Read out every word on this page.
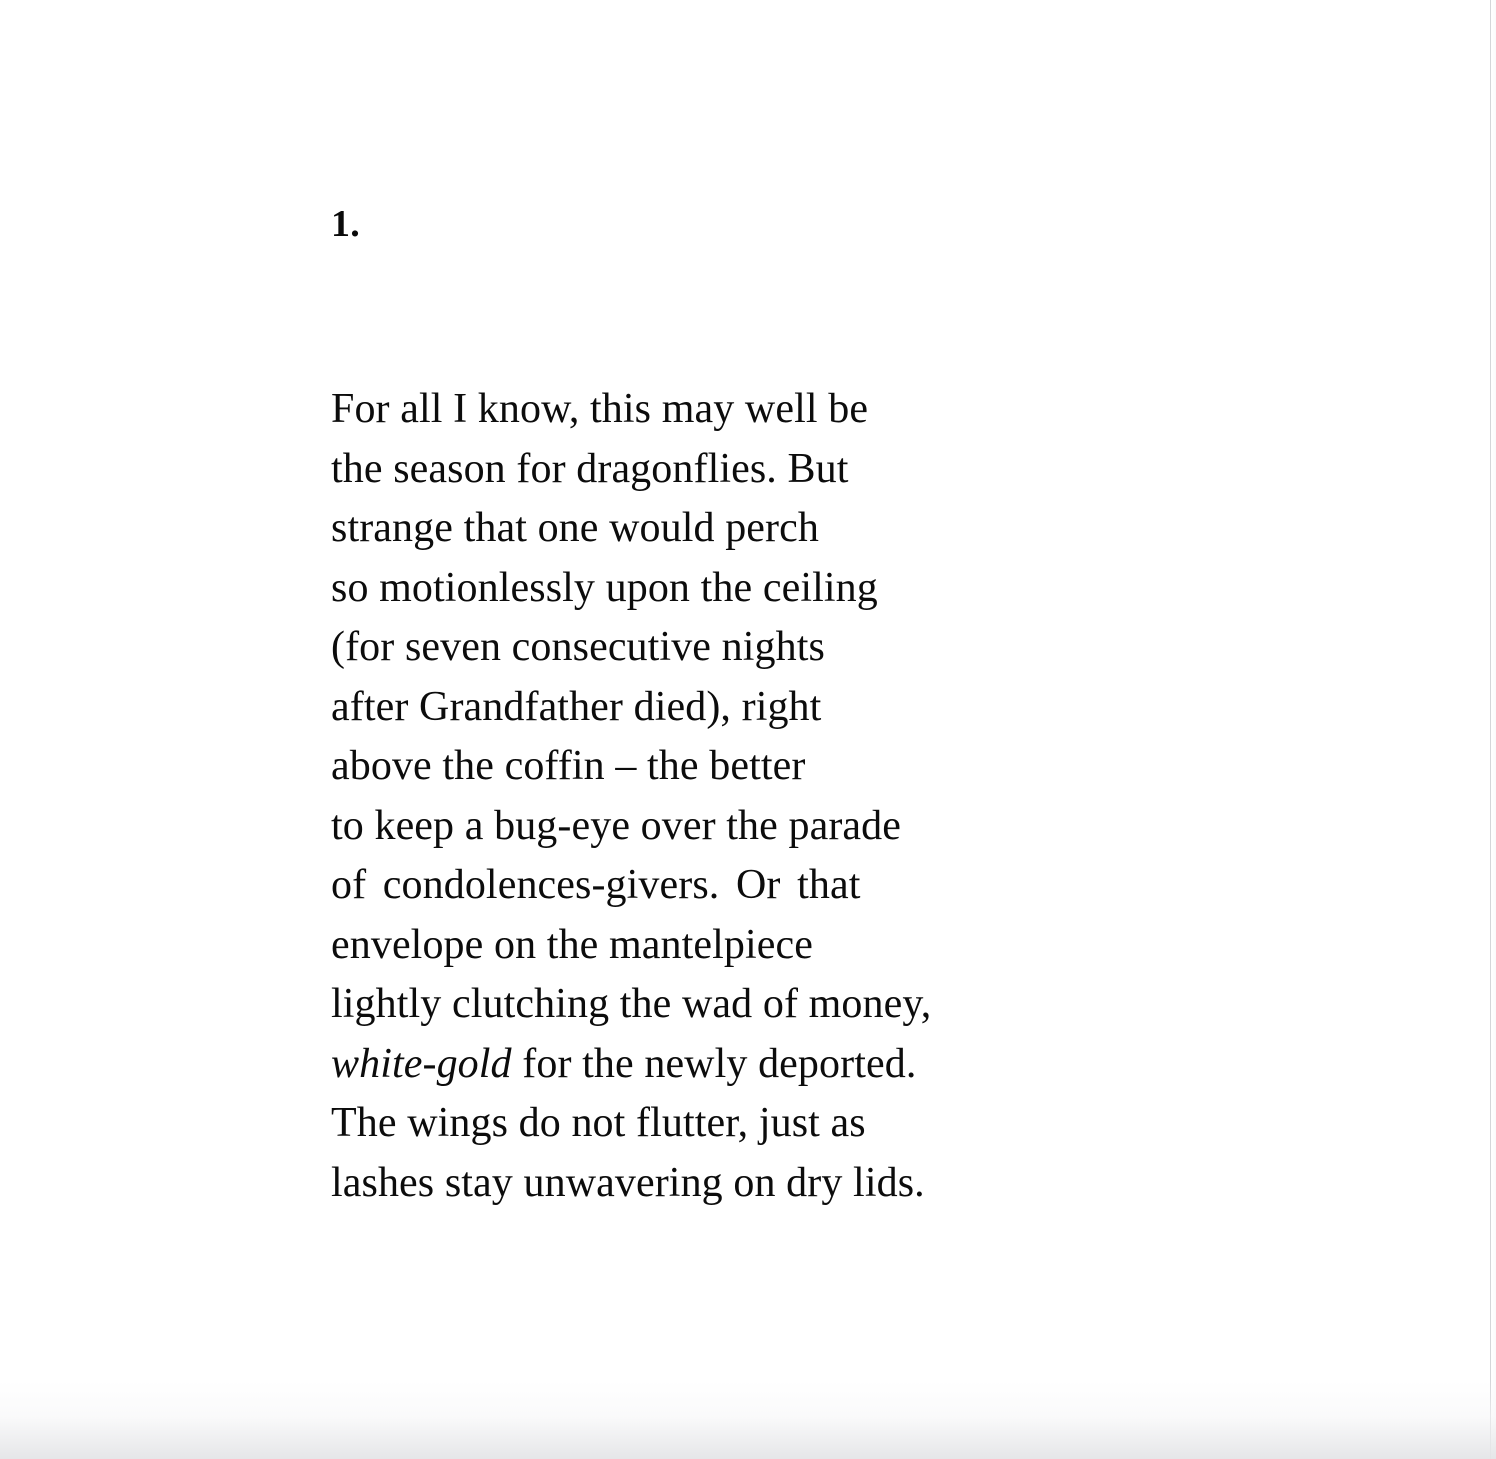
1.
For all I know, this may well be
the season for dragonflies. But
strange that one would perch
so motionlessly upon the ceiling
(for seven consecutive nights
after Grandfather died), right
above the coffin – the better
to keep a bug-eye over the parade
of condolences-givers. Or that
envelope on the mantelpiece
lightly clutching the wad of money,
white-gold for the newly deported.
The wings do not flutter, just as
lashes stay unwavering on dry lids.
